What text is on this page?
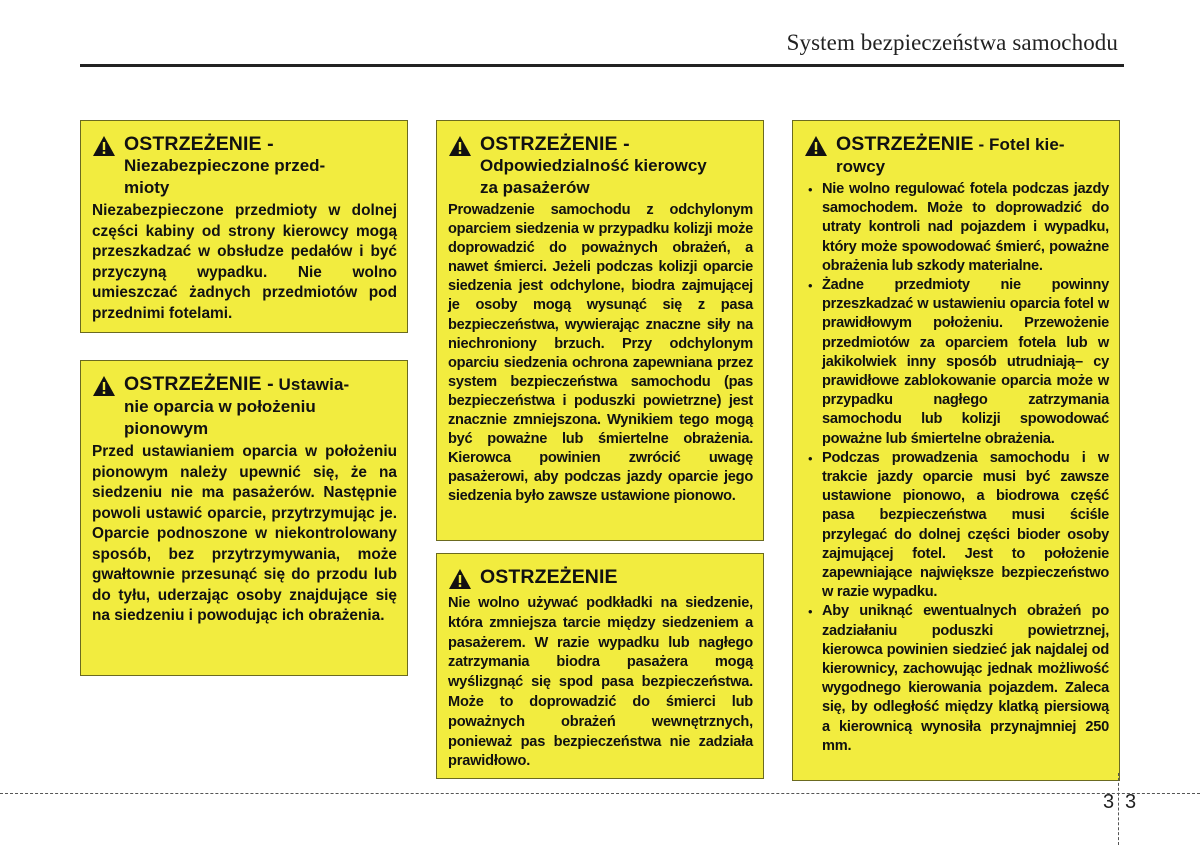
System bezpieczeństwa samochodu
OSTRZEŻENIE -
Niezabezpieczone przed-
mioty
Niezabezpieczone przedmioty w dolnej części kabiny od strony kierowcy mogą przeszkadzać w obsłudze pedałów i być przyczyną wypadku. Nie wolno umieszczać żadnych przedmiotów pod przednimi fotelami.
OSTRZEŻENIE - Ustawia-
nie oparcia w położeniu
pionowym
Przed ustawianiem oparcia w położeniu pionowym należy upewnić się, że na siedzeniu nie ma pasażerów. Następnie powoli ustawić oparcie, przytrzymując je. Oparcie podnoszone w niekontrolowany sposób, bez przytrzymywania, może gwałtownie przesunąć się do przodu lub do tyłu, uderzając osoby znajdujące się na siedzeniu i powodując ich obrażenia.
OSTRZEŻENIE -
Odpowiedzialność kierowcy
za pasażerów
Prowadzenie samochodu z odchylonym oparciem siedzenia w przypadku kolizji może doprowadzić do poważnych obrażeń, a nawet śmierci. Jeżeli podczas kolizji oparcie siedzenia jest odchylone, biodra zajmującej je osoby mogą wysunąć się z pasa bezpieczeństwa, wywierając znaczne siły na niechroniony brzuch. Przy odchylonym oparciu siedzenia ochrona zapewniana przez system bezpieczeństwa samochodu (pas bezpieczeństwa i poduszki powietrzne) jest znacznie zmniejszona. Wynikiem tego mogą być poważne lub śmiertelne obrażenia. Kierowca powinien zwrócić uwagę pasażerowi, aby podczas jazdy oparcie jego siedzenia było zawsze ustawione pionowo.
OSTRZEŻENIE
Nie wolno używać podkładki na siedzenie, która zmniejsza tarcie między siedzeniem a pasażerem. W razie wypadku lub nagłego zatrzymania biodra pasażera mogą wyślizgnąć się spod pasa bezpieczeństwa. Może to doprowadzić do śmierci lub poważnych obrażeń wewnętrznych, ponieważ pas bezpieczeństwa nie zadziała prawidłowo.
OSTRZEŻENIE - Fotel kie-
rowcy
• Nie wolno regulować fotela podczas jazdy samochodem. Może to doprowadzić do utraty kontroli nad pojazdem i wypadku, który może spowodować śmierć, poważne obrażenia lub szkody materialne.
• Żadne przedmioty nie powinny przeszkadzać w ustawieniu oparcia fotel w prawidłowym położeniu. Przewożenie przedmiotów za oparciem fotela lub w jakikolwiek inny sposób utrudniają– cy prawidłowe zablokowanie oparcia może w przypadku nagłego zatrzymania samochodu lub kolizji spowodować poważne lub śmiertelne obrażenia.
• Podczas prowadzenia samochodu i w trakcie jazdy oparcie musi być zawsze ustawione pionowo, a biodrowa część pasa bezpieczeństwa musi ściśle przylegać do dolnej części bioder osoby zajmującej fotel. Jest to położenie zapewniające największe bezpieczeństwo w razie wypadku.
• Aby uniknąć ewentualnych obrażeń po zadziałaniu poduszki powietrznej, kierowca powinien siedzieć jak najdalej od kierownicy, zachowując jednak możliwość wygodnego kierowania pojazdem. Zaleca się, by odległość między klatką piersiową a kierownicą wynosiła przynajmniej 250 mm.
3 3
